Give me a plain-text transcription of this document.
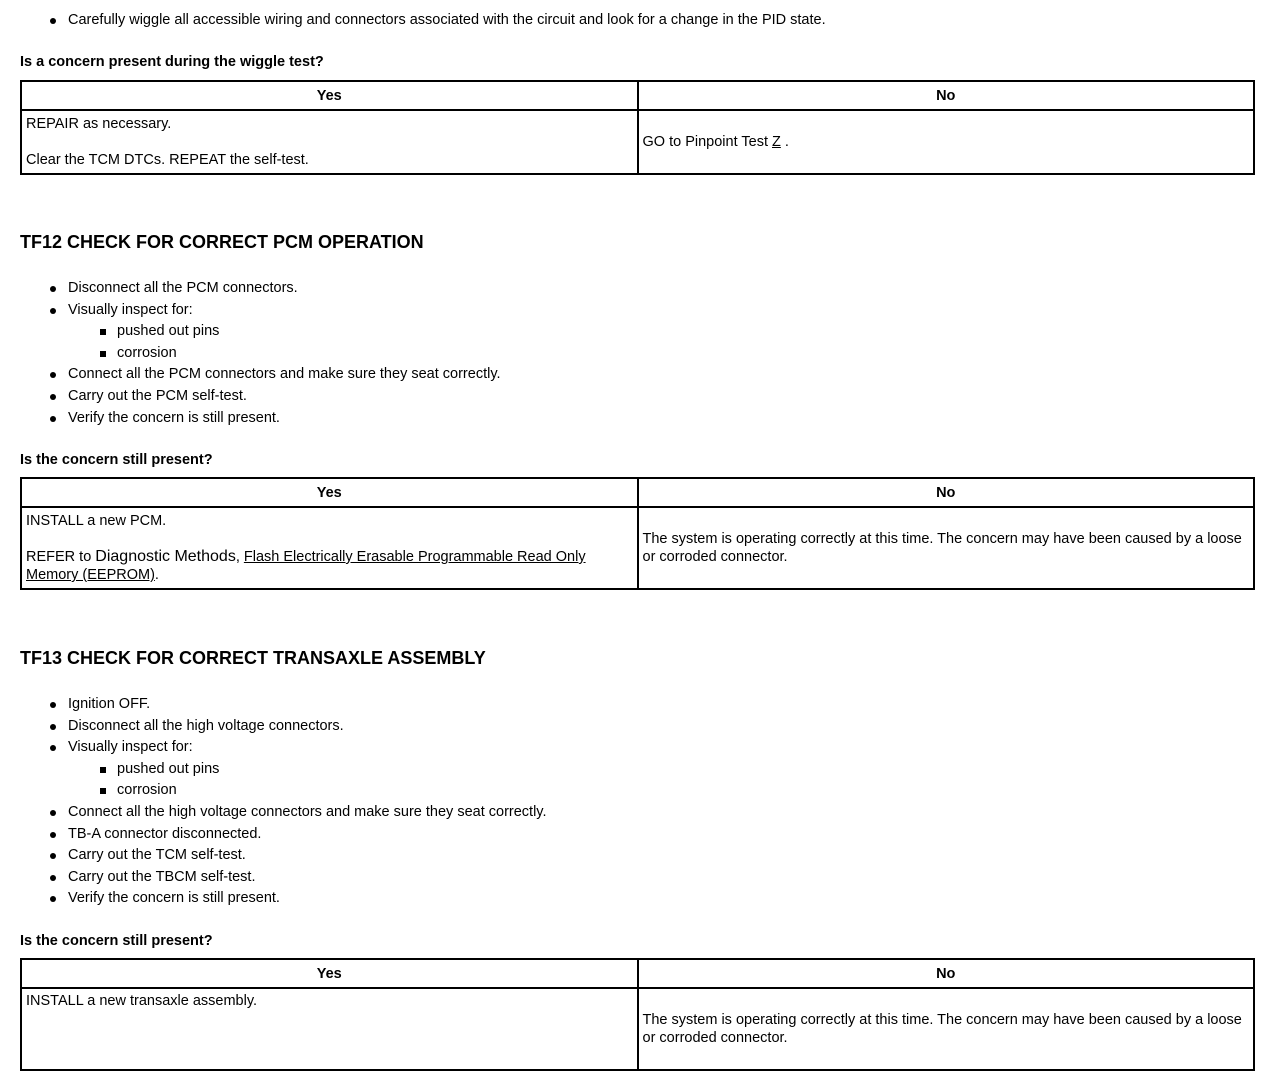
Carefully wiggle all accessible wiring and connectors associated with the circuit and look for a change in the PID state.
Is a concern present during the wiggle test?
Yes	No

REPAIR as necessary.

Clear the TCM DTCs. REPEAT the self-test.	GO to Pinpoint Test Z .
TF12 CHECK FOR CORRECT PCM OPERATION
Disconnect all the PCM connectors.
Visually inspect for:
pushed out pins
corrosion
Connect all the PCM connectors and make sure they seat correctly.
Carry out the PCM self-test.
Verify the concern is still present.
Is the concern still present?
Yes	No

INSTALL a new PCM.

REFER to Diagnostic Methods, Flash Electrically Erasable Programmable Read Only Memory (EEPROM).	The system is operating correctly at this time. The concern may have been caused by a loose or corroded connector.
TF13 CHECK FOR CORRECT TRANSAXLE ASSEMBLY
Ignition OFF.
Disconnect all the high voltage connectors.
Visually inspect for:
pushed out pins
corrosion
Connect all the high voltage connectors and make sure they seat correctly.
TB-A connector disconnected.
Carry out the TCM self-test.
Carry out the TBCM self-test.
Verify the concern is still present.
Is the concern still present?
Yes	No
INSTALL a new transaxle assembly.	The system is operating correctly at this time. The concern may have been caused by a loose or corroded connector.
